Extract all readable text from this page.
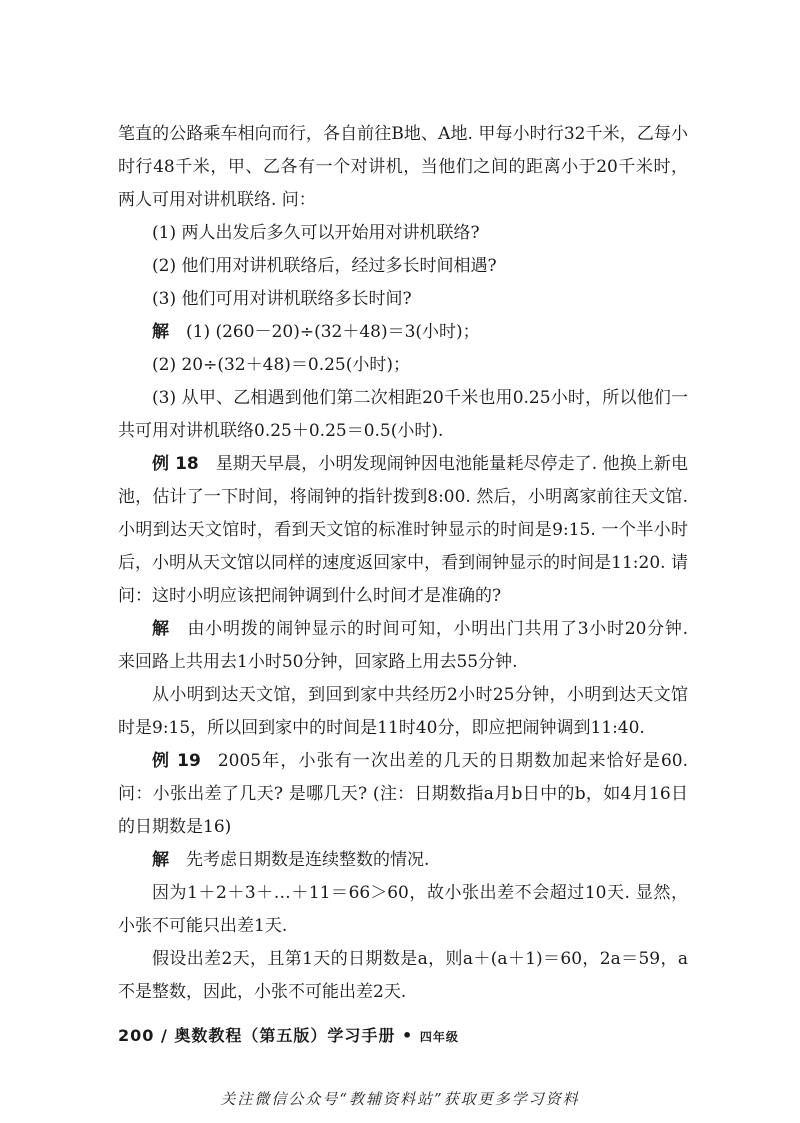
笔直的公路乘车相向而行，各自前往B地、A地. 甲每小时行32千米，乙每小时行48千米，甲、乙各有一个对讲机，当他们之间的距离小于20千米时，两人可用对讲机联络. 问：

(1) 两人出发后多久可以开始用对讲机联络?

(2) 他们用对讲机联络后，经过多长时间相遇?

(3) 他们可用对讲机联络多长时间?

解  (1) (260－20)÷(32＋48)＝3(小时)；

(2) 20÷(32＋48)＝0.25(小时)；

(3) 从甲、乙相遇到他们第二次相距20千米也用0.25小时，所以他们一共可用对讲机联络0.25＋0.25＝0.5(小时).

例 18  星期天早晨，小明发现闹钟因电池能量耗尽停走了. 他换上新电池，估计了一下时间，将闹钟的指针拨到8:00. 然后，小明离家前往天文馆. 小明到达天文馆时，看到天文馆的标准时钟显示的时间是9:15. 一个半小时后，小明从天文馆以同样的速度返回家中，看到闹钟显示的时间是11:20. 请问：这时小明应该把闹钟调到什么时间才是准确的?

解  由小明拨的闹钟显示的时间可知，小明出门共用了3小时20分钟. 来回路上共用去1小时50分钟，回家路上用去55分钟.

从小明到达天文馆，到回到家中共经历2小时25分钟，小明到达天文馆时是9:15，所以回到家中的时间是11时40分，即应把闹钟调到11:40.

例 19  2005年，小张有一次出差的几天的日期数加起来恰好是60. 问：小张出差了几天? 是哪几天? (注：日期数指a月b日中的b，如4月16日的日期数是16)

解  先考虑日期数是连续整数的情况.

因为1＋2＋3＋…＋11＝66＞60，故小张出差不会超过10天. 显然，小张不可能只出差1天.

假设出差2天，且第1天的日期数是a，则a＋(a＋1)＝60，2a＝59，a不是整数，因此，小张不可能出差2天.

200 / 奥数教程（第五版）学习手册 • 四年级
关注微信公众号“教辅资料站”获取更多学习资料
